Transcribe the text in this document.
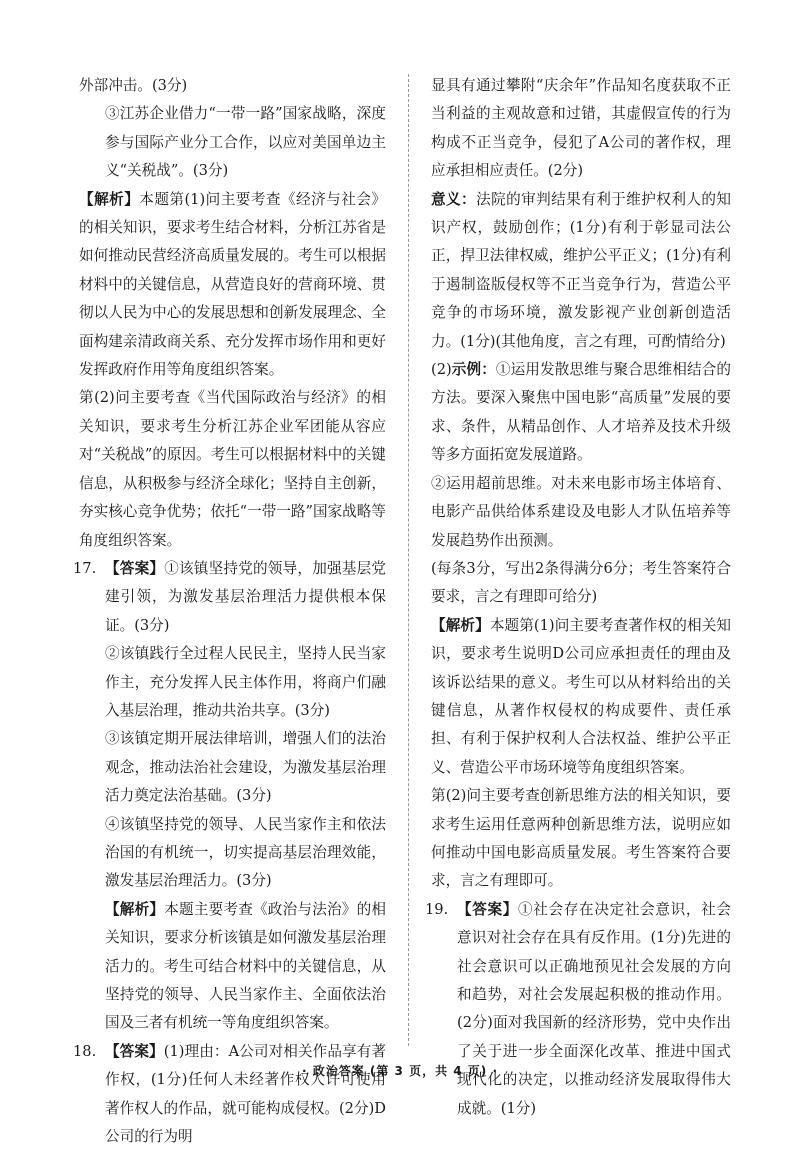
外部冲击。(3分)

③江苏企业借力“一带一路”国家战略，深度参与国际产业分工合作，以应对美国单边主义“关税战”。(3分)

【解析】本题第(1)问主要考查《经济与社会》的相关知识，要求考生结合材料，分析江苏省是如何推动民营经济高质量发展的。考生可以根据材料中的关键信息，从营造良好的营商环境、贯彻以人民为中心的发展思想和创新发展理念、全面构建亲清政商关系、充分发挥市场作用和更好发挥政府作用等角度组织答案。

第(2)问主要考查《当代国际政治与经济》的相关知识，要求考生分析江苏企业军团能从容应对“关税战”的原因。考生可以根据材料中的关键信息，从积极参与经济全球化；坚持自主创新，夯实核心竞争优势；依托“一带一路”国家战略等角度组织答案。

17. 【答案】①该镇坚持党的领导，加强基层党建引领，为激发基层治理活力提供根本保证。(3分)

②该镇践行全过程人民民主，坚持人民当家作主，充分发挥人民主体作用，将商户们融入基层治理，推动共治共享。(3分)

③该镇定期开展法律培训，增强人们的法治观念，推动法治社会建设，为激发基层治理活力奠定法治基础。(3分)

④该镇坚持党的领导、人民当家作主和依法治国的有机统一，切实提高基层治理效能，激发基层治理活力。(3分)

【解析】本题主要考查《政治与法治》的相关知识，要求分析该镇是如何激发基层治理活力的。考生可结合材料中的关键信息，从坚持党的领导、人民当家作主、全面依法治国及三者有机统一等角度组织答案。

18. 【答案】(1)理由：A公司对相关作品享有著作权，(1分)任何人未经著作权人许可使用著作权人的作品，就可能构成侵权。(2分)D公司的行为明

显具有通过攀附“庆余年”作品知名度获取不正当利益的主观故意和过错，其虚假宣传的行为构成不正当竞争，侵犯了A公司的著作权，理应承担相应责任。(2分)

意义：法院的审判结果有利于维护权利人的知识产权，鼓励创作；(1分)有利于彰显司法公正，捍卫法律权威，维护公平正义；(1分)有利于遏制盗版侵权等不正当竞争行为，营造公平竞争的市场环境，激发影视产业创新创造活力。(1分)(其他角度，言之有理，可酌情给分)

(2)示例：①运用发散思维与聚合思维相结合的方法。要深入聚焦中国电影“高质量”发展的要求、条件，从精品创作、人才培养及技术升级等多方面拓宽发展道路。

②运用超前思维。对未来电影市场主体培育、电影产品供给体系建设及电影人才队伍培养等发展趋势作出预测。

(每条3分，写出2条得满分6分；考生答案符合要求，言之有理即可给分)

【解析】本题第(1)问主要考查著作权的相关知识，要求考生说明D公司应承担责任的理由及该诉讼结果的意义。考生可以从材料给出的关键信息，从著作权侵权的构成要件、责任承担、有利于保护权利人合法权益、维护公平正义、营造公平市场环境等角度组织答案。

第(2)问主要考查创新思维方法的相关知识，要求考生运用任意两种创新思维方法，说明应如何推动中国电影高质量发展。考生答案符合要求，言之有理即可。

19. 【答案】①社会存在决定社会意识，社会意识对社会存在具有反作用。(1分)先进的社会意识可以正确地预见社会发展的方向和趋势，对社会发展起积极的推动作用。(2分)面对我国新的经济形势，党中央作出了关于进一步全面深化改革、推进中国式现代化的决定，以推动经济发展取得伟大成就。(1分)

· 政治答案 (第 3 页，共 4 页) ·
